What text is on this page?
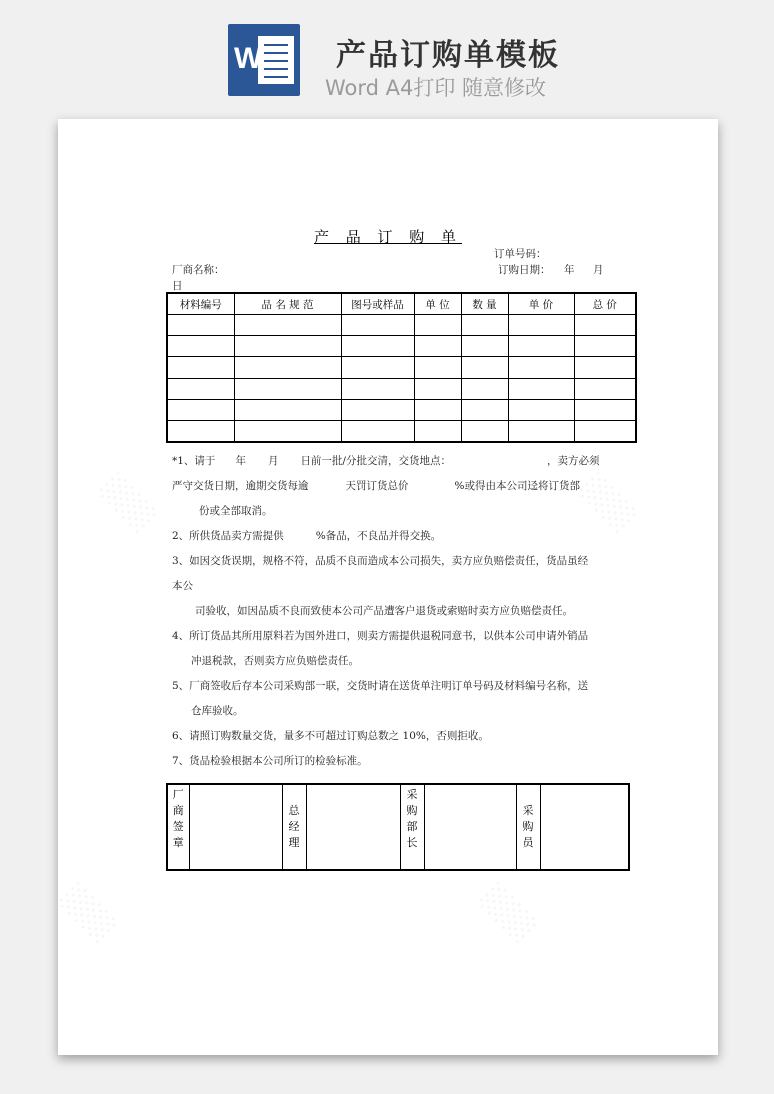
W 产品订购单模板
Word A4打印 随意修改
░░░	░░░
░░░	░░░
产 品 订 购 单
订单号码：
厂商名称：	订购日期： 年 月
日
材料编号	品 名 规 范	图号或样品	单 位	数 量	单 价	总 价

*1、请于 年 月 日前一批/分批交清，交货地点：	，卖方必须
严守交货日期，逾期交货每逾	天罚订货总价	%或得由本公司迳将订货部
份或全部取消。
2、所供货品卖方需提供	%备品，不良品并得交换。
3、如因交货误期，规格不符，品质不良而造成本公司损失，卖方应负赔偿责任，货品虽经
本公
司验收，如因品质不良而致使本公司产品遭客户退货或索赔时卖方应负赔偿责任。
4、所订货品其所用原料若为国外进口，则卖方需提供退税同意书，以供本公司申请外销品
冲退税款，否则卖方应负赔偿责任。
5、厂商签收后存本公司采购部一联，交货时请在送货单注明订单号码及材料编号名称，送
仓库验收。
6、请照订购数量交货，量多不可超过订购总数之 10%，否则拒收。
7、货品检验根据本公司所订的检验标准。
厂商签章		总经理		采购部长		采购员	
